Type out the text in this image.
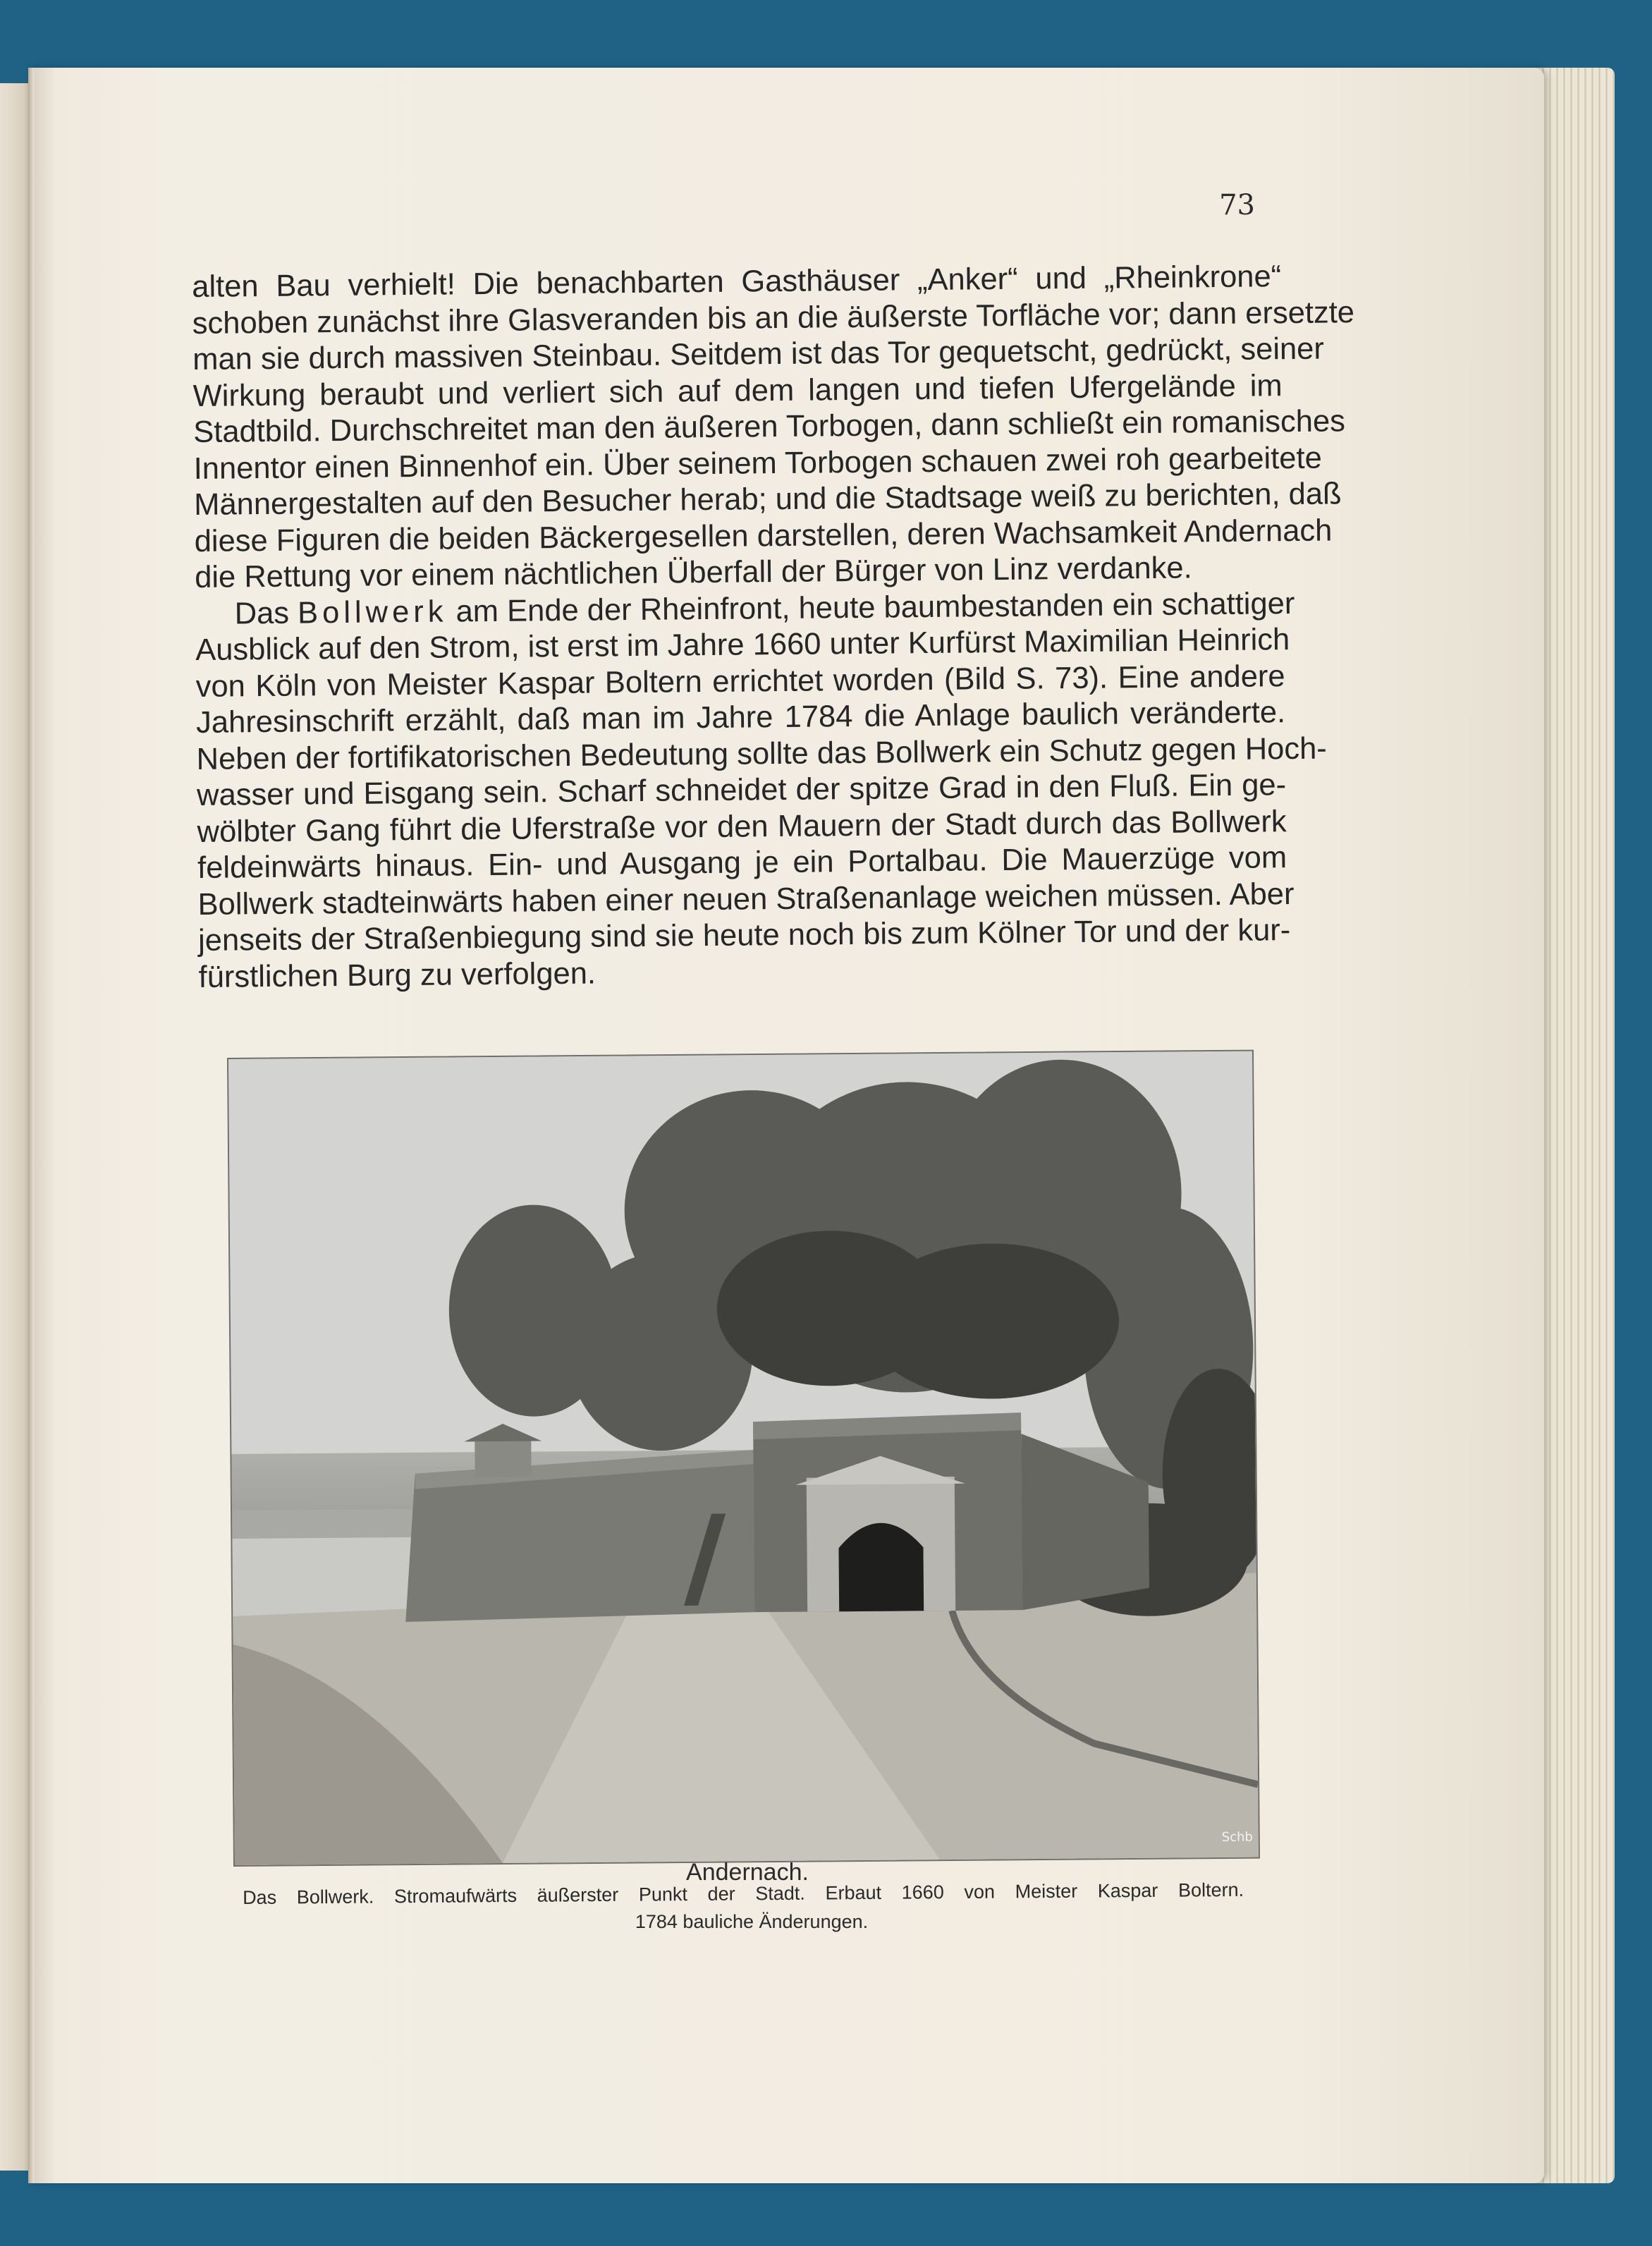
73

alten Bau verhielt! Die benachbarten Gasthäuser „Anker“ und „Rheinkrone“
schoben zunächst ihre Glasveranden bis an die äußerste Torfläche vor; dann ersetzte
man sie durch massiven Steinbau. Seitdem ist das Tor gequetscht, gedrückt, seiner
Wirkung beraubt und verliert sich auf dem langen und tiefen Ufergelände im
Stadtbild. Durchschreitet man den äußeren Torbogen, dann schließt ein romanisches
Innentor einen Binnenhof ein. Über seinem Torbogen schauen zwei roh gearbeitete
Männergestalten auf den Besucher herab; und die Stadtsage weiß zu berichten, daß
diese Figuren die beiden Bäckergesellen darstellen, deren Wachsamkeit Andernach
die Rettung vor einem nächtlichen Überfall der Bürger von Linz verdanke.

Das Bollwerk am Ende der Rheinfront, heute baumbestanden ein schattiger
Ausblick auf den Strom, ist erst im Jahre 1660 unter Kurfürst Maximilian Heinrich
von Köln von Meister Kaspar Boltern errichtet worden (Bild S. 73). Eine andere
Jahresinschrift erzählt, daß man im Jahre 1784 die Anlage baulich veränderte.
Neben der fortifikatorischen Bedeutung sollte das Bollwerk ein Schutz gegen Hoch-
wasser und Eisgang sein. Scharf schneidet der spitze Grad in den Fluß. Ein ge-
wölbter Gang führt die Uferstraße vor den Mauern der Stadt durch das Bollwerk
feldeinwärts hinaus. Ein- und Ausgang je ein Portalbau. Die Mauerzüge vom
Bollwerk stadteinwärts haben einer neuen Straßenanlage weichen müssen. Aber
jenseits der Straßenbiegung sind sie heute noch bis zum Kölner Tor und der kur-
fürstlichen Burg zu verfolgen.

Schb
Andernach.
Das Bollwerk. Stromaufwärts äußerster Punkt der Stadt. Erbaut 1660 von Meister Kaspar Boltern.
1784 bauliche Änderungen.
